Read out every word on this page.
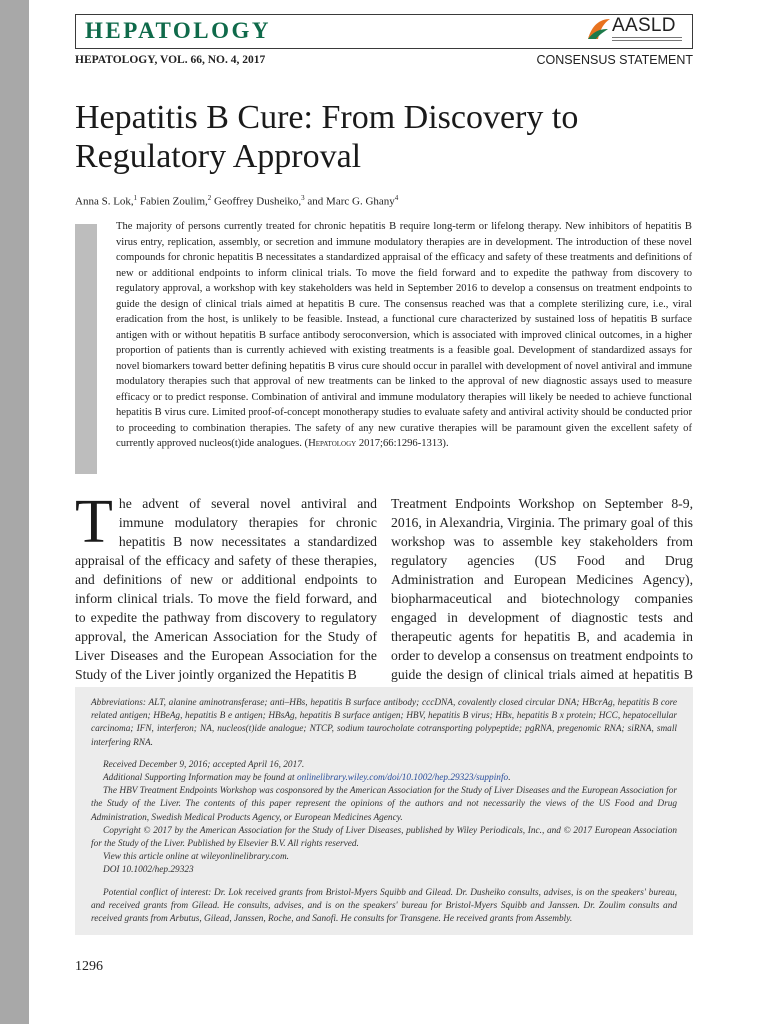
HEPATOLOGY	AASLD
HEPATOLOGY, VOL. 66, NO. 4, 2017	CONSENSUS STATEMENT
Hepatitis B Cure: From Discovery to Regulatory Approval
Anna S. Lok,$^1$ Fabien Zoulim,$^2$ Geoffrey Dusheiko,$^3$ and Marc G. Ghany$^4$

The majority of persons currently treated for chronic hepatitis B require long-term or lifelong therapy. New inhibitors of hepatitis B virus entry, replication, assembly, or secretion and immune modulatory therapies are in development. The introduction of these novel compounds for chronic hepatitis B necessitates a standardized appraisal of the efficacy and safety of these treatments and definitions of new or additional endpoints to inform clinical trials. To move the field forward and to expedite the pathway from discovery to regulatory approval, a workshop with key stakeholders was held in September 2016 to develop a consensus on treatment endpoints to guide the design of clinical trials aimed at hepatitis B cure. The consensus reached was that a complete sterilizing cure, i.e., viral eradication from the host, is unlikely to be feasible. Instead, a functional cure characterized by sustained loss of hepatitis B surface antigen with or without hepatitis B surface antibody seroconversion, which is associated with improved clinical outcomes, in a higher proportion of patients than is currently achieved with existing treatments is a feasible goal. Development of standardized assays for novel biomarkers toward better defining hepatitis B virus cure should occur in parallel with development of novel antiviral and immune modulatory therapies such that approval of new treatments can be linked to the approval of new diagnostic assays used to measure efficacy or to predict response. Combination of antiviral and immune modulatory therapies will likely be needed to achieve functional hepatitis B virus cure. Limited proof-of-concept monotherapy studies to evaluate safety and antiviral activity should be conducted prior to proceeding to combination therapies. The safety of any new curative therapies will be paramount given the excellent safety of currently approved nucleos(t)ide analogues. (Hepatology 2017;66:1296-1313).

The advent of several novel antiviral and immune modulatory therapies for chronic hepatitis B now necessitates a standardized appraisal of the efficacy and safety of these therapies, and definitions of new or additional endpoints to inform clinical trials. To move the field forward, and to expedite the pathway from discovery to regulatory approval, the American Association for the Study of Liver Diseases and the European Association for the Study of the Liver jointly organized the Hepatitis B

Treatment Endpoints Workshop on September 8-9, 2016, in Alexandria, Virginia. The primary goal of this workshop was to assemble key stakeholders from regulatory agencies (US Food and Drug Administration and European Medicines Agency), biopharmaceutical and biotechnology companies engaged in development of diagnostic tests and therapeutic agents for hepatitis B, and academia in order to develop a consensus on treatment endpoints to guide the design of clinical trials aimed at hepatitis B

Abbreviations: ALT, alanine aminotransferase; anti–HBs, hepatitis B surface antibody; cccDNA, covalently closed circular DNA; HBcrAg, hepatitis B core related antigen; HBeAg, hepatitis B e antigen; HBsAg, hepatitis B surface antigen; HBV, hepatitis B virus; HBx, hepatitis B x protein; HCC, hepatocellular carcinoma; IFN, interferon; NA, nucleos(t)ide analogue; NTCP, sodium taurocholate cotransporting polypeptide; pgRNA, pregenomic RNA; siRNA, small interfering RNA.

Received December 9, 2016; accepted April 16, 2017.

Additional Supporting Information may be found at onlinelibrary.wiley.com/doi/10.1002/hep.29323/suppinfo.

The HBV Treatment Endpoints Workshop was cosponsored by the American Association for the Study of Liver Diseases and the European Association for the Study of the Liver. The contents of this paper represent the opinions of the authors and not necessarily the views of the US Food and Drug Administration, Swedish Medical Products Agency, or European Medicines Agency.

Copyright © 2017 by the American Association for the Study of Liver Diseases, published by Wiley Periodicals, Inc., and © 2017 European Association for the Study of the Liver. Published by Elsevier B.V. All rights reserved.

View this article online at wileyonlinelibrary.com.

DOI 10.1002/hep.29323

Potential conflict of interest: Dr. Lok received grants from Bristol-Myers Squibb and Gilead. Dr. Dusheiko consults, advises, is on the speakers' bureau, and received grants from Gilead. He consults, advises, and is on the speakers' bureau for Bristol-Myers Squibb and Janssen. Dr. Zoulim consults and received grants from Arbutus, Gilead, Janssen, Roche, and Sanofi. He consults for Transgene. He received grants from Assembly.

1296
